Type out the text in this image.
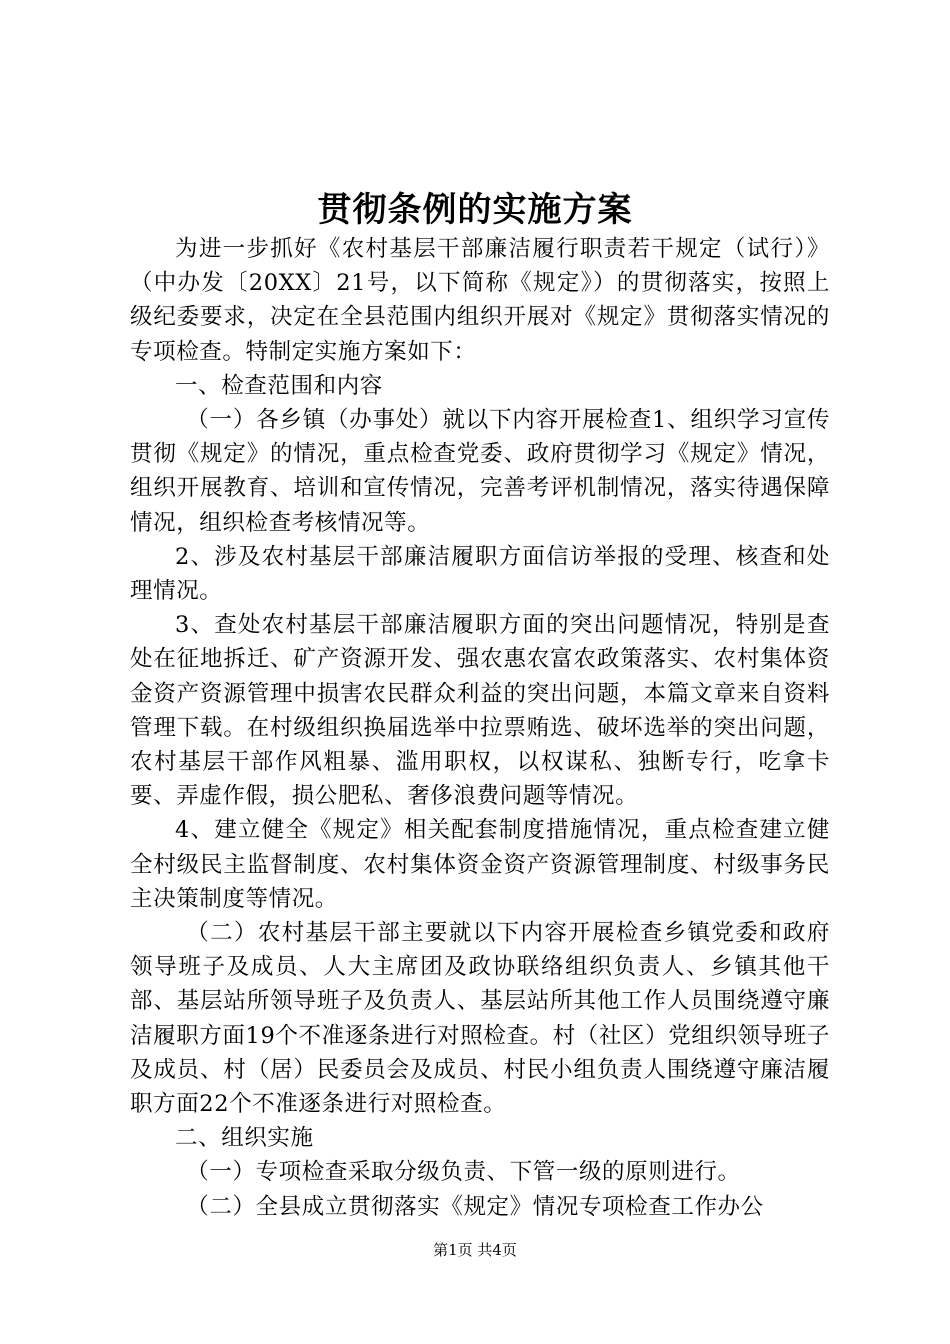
贯彻条例的实施方案

为进一步抓好《农村基层干部廉洁履行职责若干规定（试行）》（中办发〔20XX〕21号，以下简称《规定》）的贯彻落实，按照上级纪委要求，决定在全县范围内组织开展对《规定》贯彻落实情况的专项检查。特制定实施方案如下：

一、检查范围和内容

（一）各乡镇（办事处）就以下内容开展检查1、组织学习宣传贯彻《规定》的情况，重点检查党委、政府贯彻学习《规定》情况，组织开展教育、培训和宣传情况，完善考评机制情况，落实待遇保障情况，组织检查考核情况等。

2、涉及农村基层干部廉洁履职方面信访举报的受理、核查和处理情况。

3、查处农村基层干部廉洁履职方面的突出问题情况，特别是查处在征地拆迁、矿产资源开发、强农惠农富农政策落实、农村集体资金资产资源管理中损害农民群众利益的突出问题，本篇文章来自资料管理下载。在村级组织换届选举中拉票贿选、破坏选举的突出问题，农村基层干部作风粗暴、滥用职权，以权谋私、独断专行，吃拿卡要、弄虚作假，损公肥私、奢侈浪费问题等情况。

4、建立健全《规定》相关配套制度措施情况，重点检查建立健全村级民主监督制度、农村集体资金资产资源管理制度、村级事务民主决策制度等情况。

（二）农村基层干部主要就以下内容开展检查乡镇党委和政府领导班子及成员、人大主席团及政协联络组织负责人、乡镇其他干部、基层站所领导班子及负责人、基层站所其他工作人员围绕遵守廉洁履职方面19个不准逐条进行对照检查。村（社区）党组织领导班子及成员、村（居）民委员会及成员、村民小组负责人围绕遵守廉洁履职方面22个不准逐条进行对照检查。

二、组织实施

（一）专项检查采取分级负责、下管一级的原则进行。

（二）全县成立贯彻落实《规定》情况专项检查工作办公

第1页 共4页
